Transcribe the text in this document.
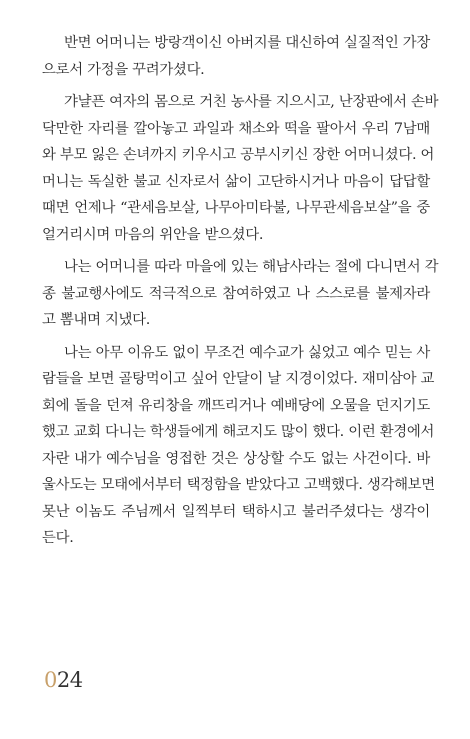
반면 어머니는 방랑객이신 아버지를 대신하여 실질적인 가장
으로서 가정을 꾸려가셨다.

갸냘픈 여자의 몸으로 거친 농사를 지으시고, 난장판에서 손바
닥만한 자리를 깔아놓고 과일과 채소와 떡을 팔아서 우리 7남매
와 부모 잃은 손녀까지 키우시고 공부시키신 장한 어머니셨다. 어
머니는 독실한 불교 신자로서 삶이 고단하시거나 마음이 답답할
때면 언제나 “관세음보살, 나무아미타불, 나무관세음보살”을 중
얼거리시며 마음의 위안을 받으셨다.

나는 어머니를 따라 마을에 있는 해남사라는 절에 다니면서 각
종 불교행사에도 적극적으로 참여하였고 나 스스로를 불제자라
고 뽐내며 지냈다.

나는 아무 이유도 없이 무조건 예수교가 싫었고 예수 믿는 사
람들을 보면 골탕먹이고 싶어 안달이 날 지경이었다. 재미삼아 교
회에 돌을 던져 유리창을 깨뜨리거나 예배당에 오물을 던지기도
했고 교회 다니는 학생들에게 해코지도 많이 했다. 이런 환경에서
자란 내가 예수님을 영접한 것은 상상할 수도 없는 사건이다. 바
울사도는 모태에서부터 택정함을 받았다고 고백했다. 생각해보면
못난 이놈도 주님께서 일찍부터 택하시고 불러주셨다는 생각이
든다.

024
